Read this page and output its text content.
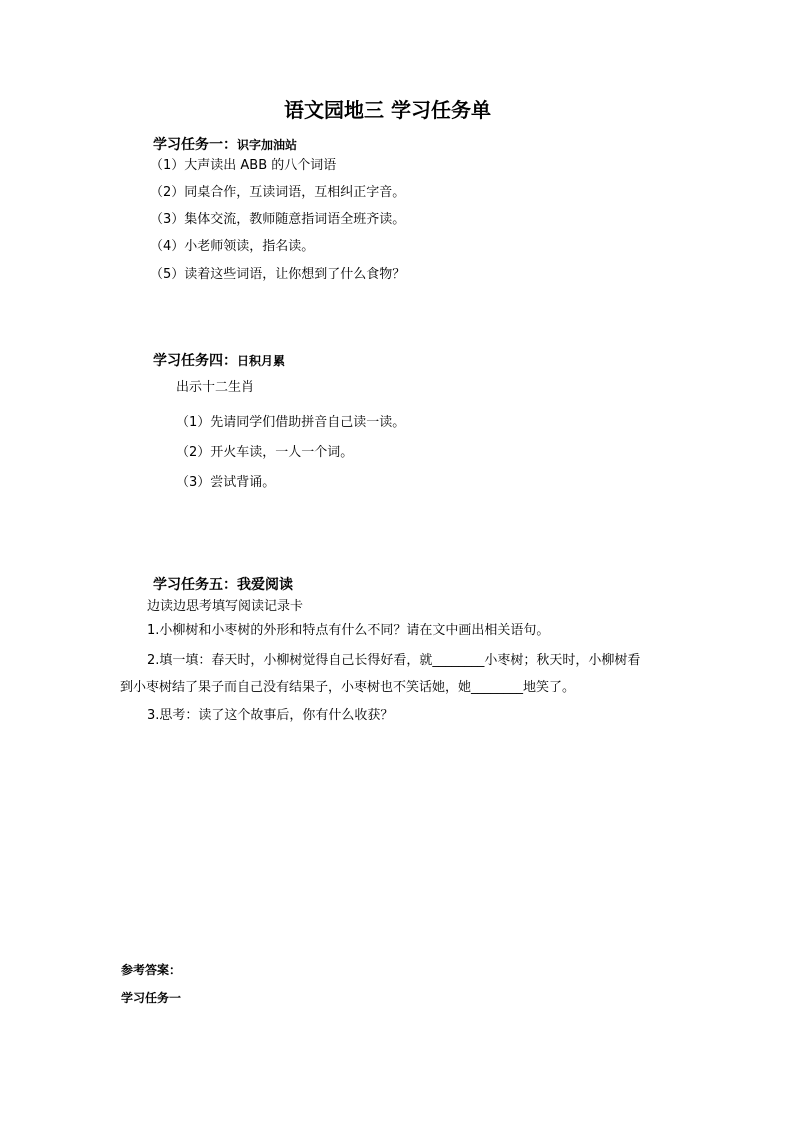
语文园地三 学习任务单
学习任务一：识字加油站
（1）大声读出 ABB 的八个词语
（2）同桌合作，互读词语，互相纠正字音。
（3）集体交流，教师随意指词语全班齐读。
（4）小老师领读，指名读。
（5）读着这些词语，让你想到了什么食物？
学习任务四：日积月累
出示十二生肖
（1）先请同学们借助拼音自己读一读。
（2）开火车读，一人一个词。
（3）尝试背诵。
学习任务五：我爱阅读
边读边思考填写阅读记录卡
1.小柳树和小枣树的外形和特点有什么不同？请在文中画出相关语句。
2.填一填：春天时，小柳树觉得自己长得好看，就________小枣树；秋天时，小柳树看
到小枣树结了果子而自己没有结果子，小枣树也不笑话她，她________地笑了。
3.思考：读了这个故事后，你有什么收获？
参考答案：
学习任务一
